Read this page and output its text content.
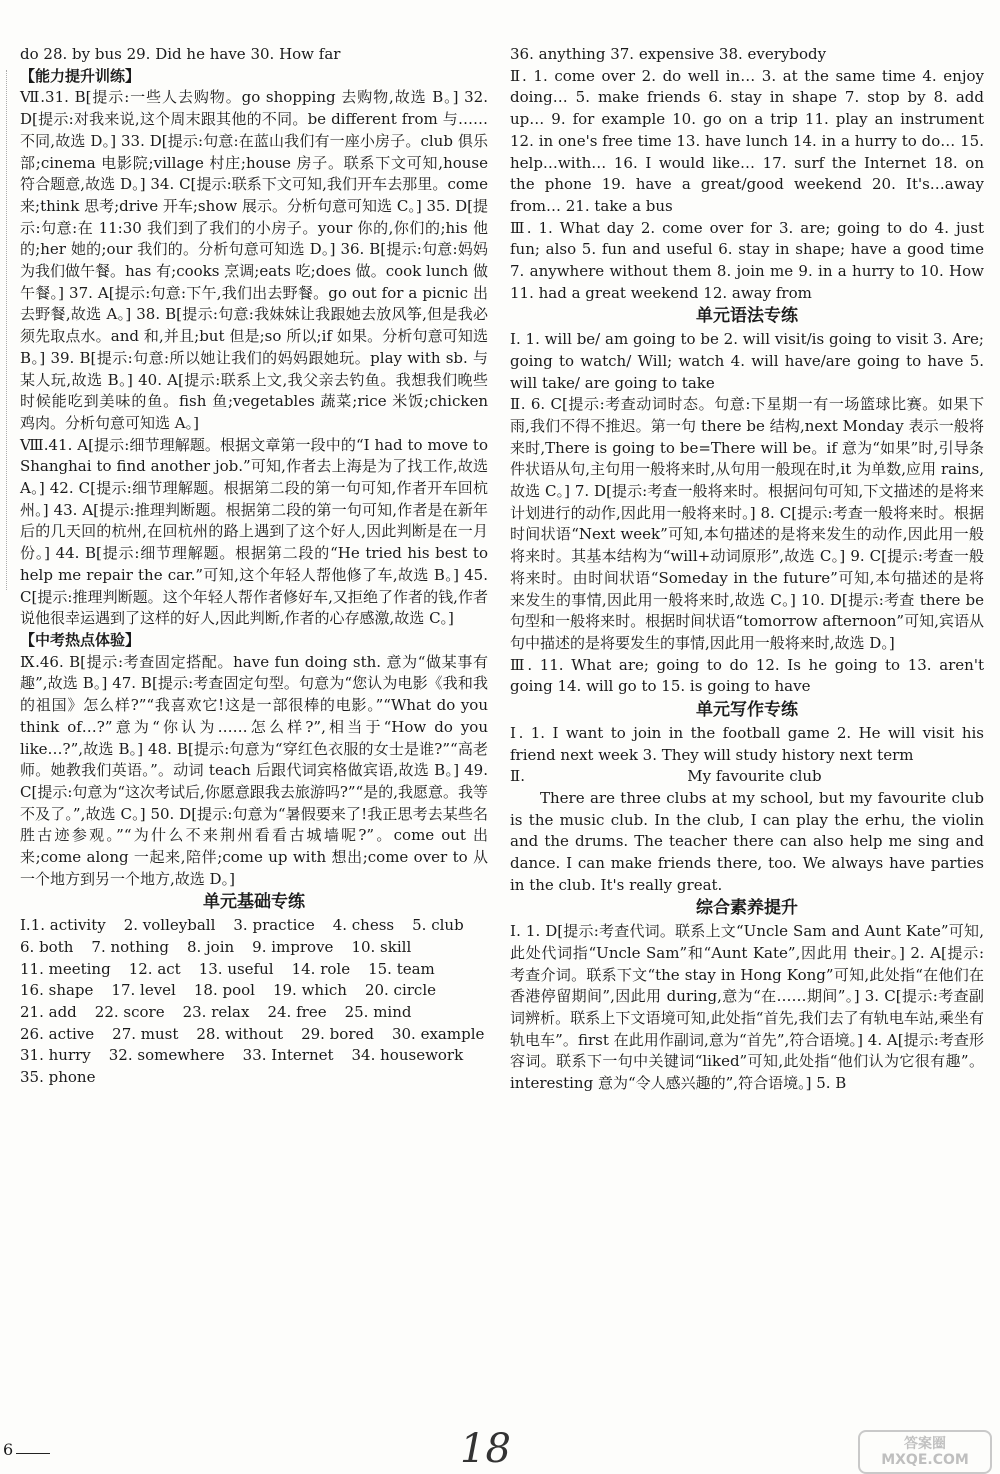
do 28. by bus 29. Did he have 30. How far

【能力提升训练】

Ⅶ.31. B[提示:一些人去购物。go shopping 去购物,故选 B。] 32. D[提示:对我来说,这个周末跟其他的不同。be different from 与……不同,故选 D。] 33. D[提示:句意:在蓝山我们有一座小房子。club 俱乐部;cinema 电影院;village 村庄;house 房子。联系下文可知,house 符合题意,故选 D。] 34. C[提示:联系下文可知,我们开车去那里。come 来;think 思考;drive 开车;show 展示。分析句意可知选 C。] 35. D[提示:句意:在 11:30 我们到了我们的小房子。your 你的,你们的;his 他的;her 她的;our 我们的。分析句意可知选 D。] 36. B[提示:句意:妈妈为我们做午餐。has 有;cooks 烹调;eats 吃;does 做。cook lunch 做午餐。] 37. A[提示:句意:下午,我们出去野餐。go out for a picnic 出去野餐,故选 A。] 38. B[提示:句意:我妹妹让我跟她去放风筝,但是我必须先取点水。and 和,并且;but 但是;so 所以;if 如果。分析句意可知选 B。] 39. B[提示:句意:所以她让我们的妈妈跟她玩。play with sb. 与某人玩,故选 B。] 40. A[提示:联系上文,我父亲去钓鱼。我想我们晚些时候能吃到美味的鱼。fish 鱼;vegetables 蔬菜;rice 米饭;chicken 鸡肉。分析句意可知选 A。]

Ⅷ.41. A[提示:细节理解题。根据文章第一段中的“I had to move to Shanghai to find another job.”可知,作者去上海是为了找工作,故选 A。] 42. C[提示:细节理解题。根据第二段的第一句可知,作者开车回杭州。] 43. A[提示:推理判断题。根据第二段的第一句可知,作者是在新年后的几天回的杭州,在回杭州的路上遇到了这个好人,因此判断是在一月份。] 44. B[提示:细节理解题。根据第二段的“He tried his best to help me repair the car.”可知,这个年轻人帮他修了车,故选 B。] 45. C[提示:推理判断题。这个年轻人帮作者修好车,又拒绝了作者的钱,作者说他很幸运遇到了这样的好人,因此判断,作者的心存感激,故选 C。]

【中考热点体验】

Ⅸ.46. B[提示:考查固定搭配。have fun doing sth. 意为“做某事有趣”,故选 B。] 47. B[提示:考查固定句型。句意为“您认为电影《我和我的祖国》怎么样?”“我喜欢它!这是一部很棒的电影。”“What do you think of…?”意为“你认为……怎么样?”,相当于“How do you like…?”,故选 B。] 48. B[提示:句意为“穿红色衣服的女士是谁?”“高老师。她教我们英语。”。动词 teach 后跟代词宾格做宾语,故选 B。] 49. C[提示:句意为“这次考试后,你愿意跟我去旅游吗?”“是的,我愿意。我等不及了。”,故选 C。] 50. D[提示:句意为“暑假要来了!我正思考去某些名胜古迹参观。”“为什么不来荆州看看古城墙呢?”。come out 出来;come along 一起来,陪伴;come up with 想出;come over to 从一个地方到另一个地方,故选 D。]

单元基础专练
Ⅰ.1. activity 2. volleyball 3. practice 4. chess 5. club
6. both 7. nothing 8. join 9. improve 10. skill
11. meeting 12. act 13. useful 14. role 15. team
16. shape 17. level 18. pool 19. which 20. circle
21. add 22. score 23. relax 24. free 25. mind
26. active 27. must 28. without 29. bored 30. example
31. hurry 32. somewhere 33. Internet 34. housework
35. phone

36. anything 37. expensive 38. everybody

Ⅱ. 1. come over 2. do well in… 3. at the same time 4. enjoy doing… 5. make friends 6. stay in shape 7. stop by 8. add up… 9. for example 10. go on a trip 11. play an instrument 12. in one's free time 13. have lunch 14. in a hurry to do… 15. help…with… 16. I would like… 17. surf the Internet 18. on the phone 19. have a great/good weekend 20. It's…away from… 21. take a bus

Ⅲ. 1. What day 2. come over for 3. are; going to do 4. just fun; also 5. fun and useful 6. stay in shape; have a good time 7. anywhere without them 8. join me 9. in a hurry to 10. How 11. had a great weekend 12. away from

单元语法专练

Ⅰ. 1. will be/ am going to be 2. will visit/is going to visit 3. Are; going to watch/ Will; watch 4. will have/are going to have 5. will take/ are going to take

Ⅱ. 6. C[提示:考查动词时态。句意:下星期一有一场篮球比赛。如果下雨,我们不得不推迟。第一句 there be 结构,next Monday 表示一般将来时,There is going to be=There will be。if 意为“如果”时,引导条件状语从句,主句用一般将来时,从句用一般现在时,it 为单数,应用 rains,故选 C。] 7. D[提示:考查一般将来时。根据问句可知,下文描述的是将来计划进行的动作,因此用一般将来时。] 8. C[提示:考查一般将来时。根据时间状语“Next week”可知,本句描述的是将来发生的动作,因此用一般将来时。其基本结构为“will+动词原形”,故选 C。] 9. C[提示:考查一般将来时。由时间状语“Someday in the future”可知,本句描述的是将来发生的事情,因此用一般将来时,故选 C。] 10. D[提示:考查 there be 句型和一般将来时。根据时间状语“tomorrow afternoon”可知,宾语从句中描述的是将要发生的事情,因此用一般将来时,故选 D。]

Ⅲ. 11. What are; going to do 12. Is he going to 13. aren't going 14. will go to 15. is going to have

单元写作专练

Ⅰ. 1. I want to join in the football game 2. He will visit his friend next week 3. They will study history next term

Ⅱ.	My favourite club

There are three clubs at my school, but my favourite club is the music club. In the club, I can play the erhu, the violin and the drums. The teacher there can also help me sing and dance. I can make friends there, too. We always have parties in the club. It's really great.

综合素养提升

Ⅰ. 1. D[提示:考查代词。联系上文“Uncle Sam and Aunt Kate”可知,此处代词指“Uncle Sam”和“Aunt Kate”,因此用 their。] 2. A[提示:考查介词。联系下文“the stay in Hong Kong”可知,此处指“在他们在香港停留期间”,因此用 during,意为“在……期间”。] 3. C[提示:考查副词辨析。联系上下文语境可知,此处指“首先,我们去了有轨电车站,乘坐有轨电车”。first 在此用作副词,意为“首先”,符合语境。] 4. A[提示:考查形容词。联系下一句中关键词“liked”可知,此处指“他们认为它很有趣”。interesting 意为“令人感兴趣的”,符合语境。] 5. B

6	18	答案圈
MXQE.COM
